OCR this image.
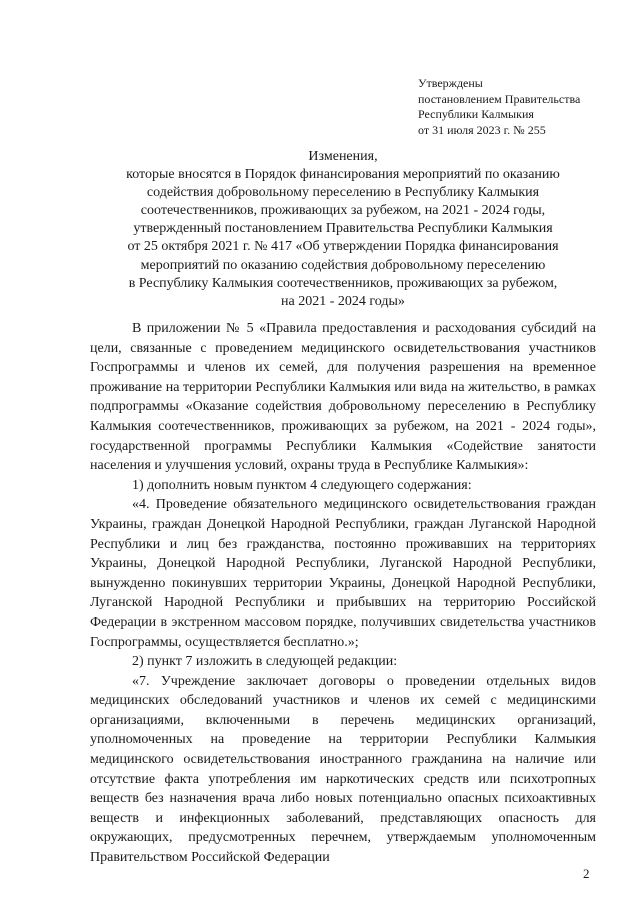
Утверждены
постановлением Правительства
Республики Калмыкия
от 31 июля 2023 г. № 255
Изменения,
которые вносятся в Порядок финансирования мероприятий по оказанию
содействия добровольному переселению в Республику Калмыкия
соотечественников, проживающих за рубежом, на 2021 - 2024 годы,
утвержденный постановлением Правительства Республики Калмыкия
от 25 октября 2021 г. № 417 «Об утверждении Порядка финансирования
мероприятий по оказанию содействия добровольному переселению
в Республику Калмыкия соотечественников, проживающих за рубежом,
на 2021 - 2024 годы»

В приложении № 5 «Правила предоставления и расходования субсидий на цели, связанные с проведением медицинского освидетельствования участников Госпрограммы и членов их семей, для получения разрешения на временное проживание на территории Республики Калмыкия или вида на жительство, в рамках подпрограммы «Оказание содействия добровольному переселению в Республику Калмыкия соотечественников, проживающих за рубежом, на 2021 - 2024 годы», государственной программы Республики Калмыкия «Содействие занятости населения и улучшения условий, охраны труда в Республике Калмыкия»:

1) дополнить новым пунктом 4 следующего содержания:

«4. Проведение обязательного медицинского освидетельствования граждан Украины, граждан Донецкой Народной Республики, граждан Луганской Народной Республики и лиц без гражданства, постоянно проживавших на территориях Украины, Донецкой Народной Республики, Луганской Народной Республики, вынужденно покинувших территории Украины, Донецкой Народной Республики, Луганской Народной Республики и прибывших на территорию Российской Федерации в экстренном массовом порядке, получивших свидетельства участников Госпрограммы, осуществляется бесплатно.»;

2) пункт 7 изложить в следующей редакции:

«7. Учреждение заключает договоры о проведении отдельных видов медицинских обследований участников и членов их семей с медицинскими организациями, включенными в перечень медицинских организаций, уполномоченных на проведение на территории Республики Калмыкия медицинского освидетельствования иностранного гражданина на наличие или отсутствие факта употребления им наркотических средств или психотропных веществ без назначения врача либо новых потенциально опасных психоактивных веществ и инфекционных заболеваний, представляющих опасность для окружающих, предусмотренных перечнем, утверждаемым уполномоченным Правительством Российской Федерации

2
